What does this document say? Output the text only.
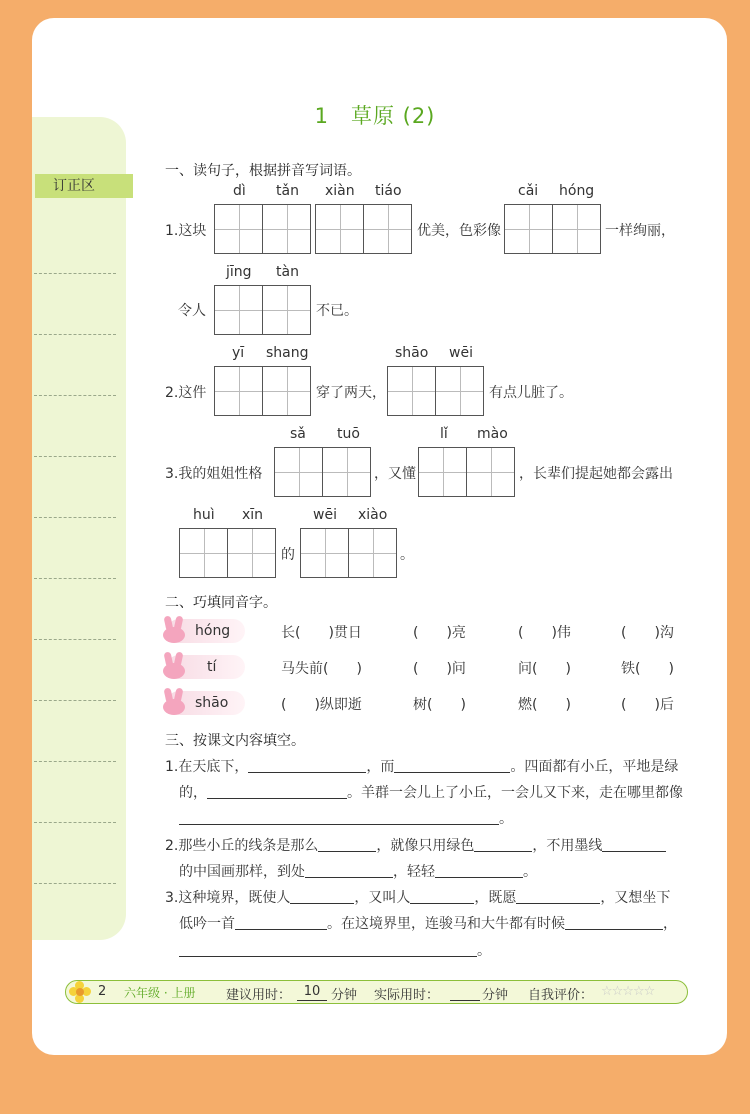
订正区
1　草原 (2)
一、读句子，根据拼音写词语。
dì tǎn xiàn tiáo	cǎi hóng
1.这块	优美，色彩像	一样绚丽，
jīng tàn
令人	不已。
yī shang	shāo wēi
2.这件	穿了两天，	有点儿脏了。
sǎ tuō	lǐ mào
3.我的姐姐性格	，又懂	，长辈们提起她都会露出
huì xīn	wēi xiào
的	。
二、巧填同音字。
hóng	长(　　)贯日	(　　)亮	(　　)伟	(　　)沟
tí	马失前(　　)	(　　)问	问(　　)	铁(　　)
shāo	(　　)纵即逝	树(　　)	燃(　　)	(　　)后
三、按课文内容填空。
1.在天底下，	，而	。四面都有小丘，平地是绿
的，	。羊群一会儿上了小丘，一会儿又下来，走在哪里都像
。
2.那些小丘的线条是那么	，就像只用绿色	，不用墨线
的中国画那样，到处	，轻轻	。
3.这种境界，既使人	，又叫人	，既愿	，又想坐下
低吟一首	。在这境界里，连骏马和大牛都有时候	，
。
2 六年级 · 上册 建议用时： 10 分钟 实际用时：	分钟 自我评价： ☆☆☆☆☆
